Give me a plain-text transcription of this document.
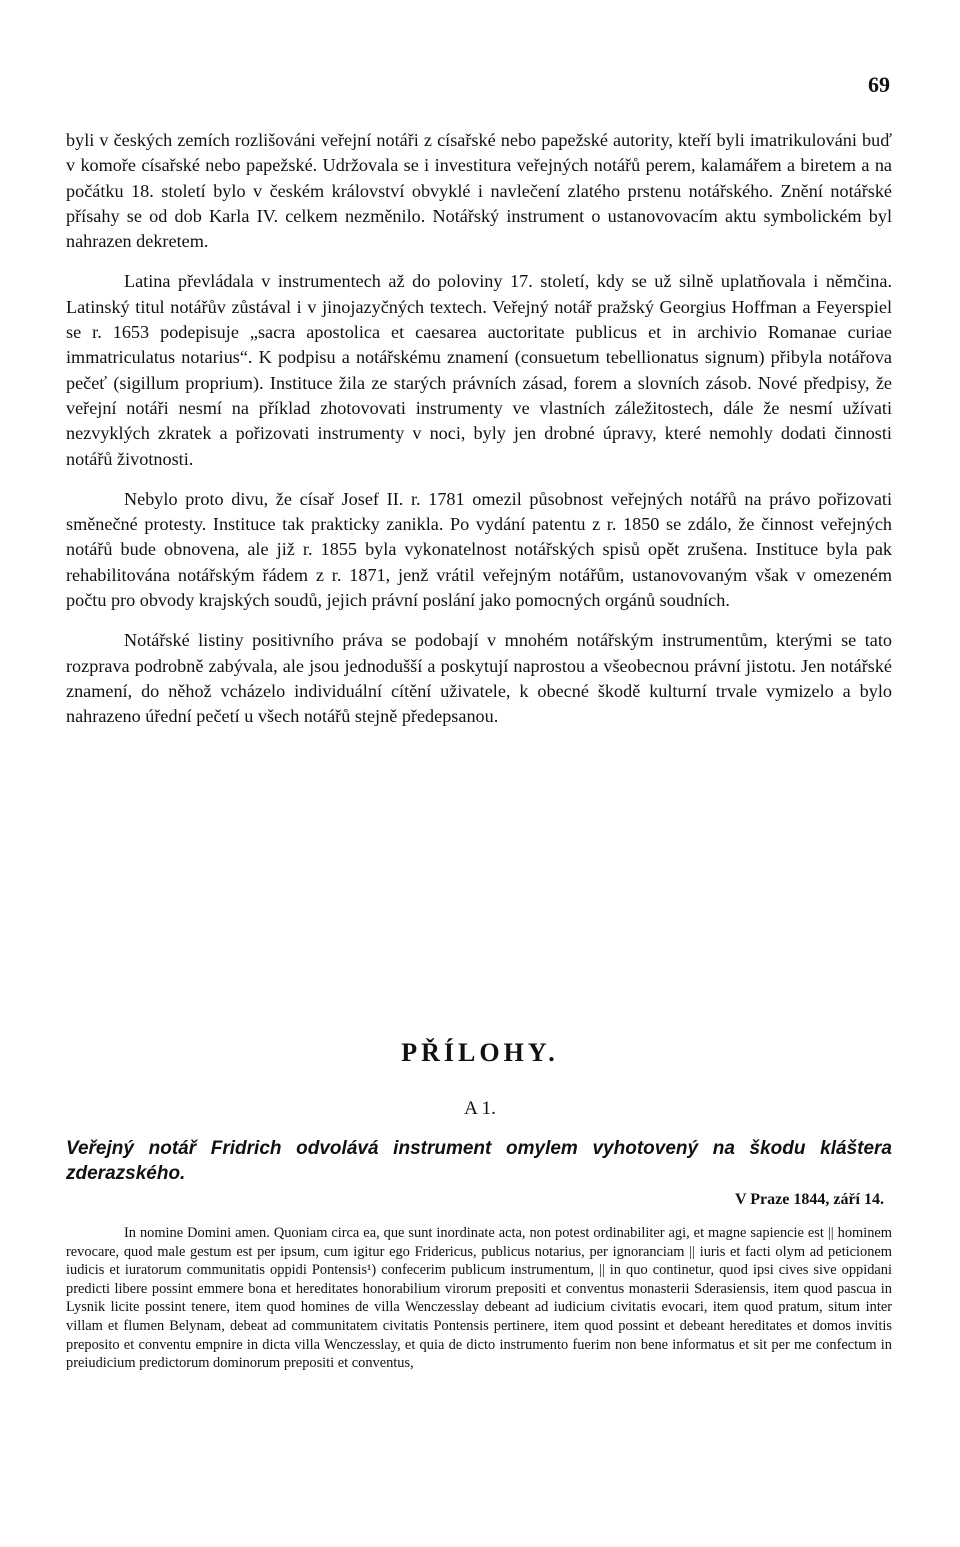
69

byli v českých zemích rozlišováni veřejní notáři z císařské nebo papežské autority, kteří byli imatrikulováni buď v komoře císařské nebo papežské. Udržovala se i investitura veřejných notářů perem, kalamářem a biretem a na počátku 18. století bylo v českém království obvyklé i navlečení zlatého prstenu notářského. Znění notářské přísahy se od dob Karla IV. celkem nezměnilo. Notářský instrument o ustanovovacím aktu symbolickém byl nahrazen dekretem.

Latina převládala v instrumentech až do poloviny 17. století, kdy se už silně uplatňovala i němčina. Latinský titul notářův zůstával i v jinojazyčných textech. Veřejný notář pražský Georgius Hoffman a Feyerspiel se r. 1653 podepisuje „sacra apostolica et caesarea auctoritate publicus et in archivio Romanae curiae immatriculatus notarius“. K podpisu a notářskému znamení (consuetum tebellionatus signum) přibyla notářova pečeť (sigillum proprium). Instituce žila ze starých právních zásad, forem a slovních zásob. Nové předpisy, že veřejní notáři nesmí na příklad zhotovovati instrumenty ve vlastních záležitostech, dále že nesmí užívati nezvyklých zkratek a pořizovati instrumenty v noci, byly jen drobné úpravy, které nemohly dodati činnosti notářů životnosti.

Nebylo proto divu, že císař Josef II. r. 1781 omezil působnost veřejných notářů na právo pořizovati směnečné protesty. Instituce tak prakticky zanikla. Po vydání patentu z r. 1850 se zdálo, že činnost veřejných notářů bude obnovena, ale již r. 1855 byla vykonatelnost notářských spisů opět zrušena. Instituce byla pak rehabilitována notářským řádem z r. 1871, jenž vrátil veřejným notářům, ustanovovaným však v omezeném počtu pro obvody krajských soudů, jejich právní poslání jako pomocných orgánů soudních.

Notářské listiny positivního práva se podobají v mnohém notářským instrumentům, kterými se tato rozprava podrobně zabývala, ale jsou jednodušší a poskytují naprostou a všeobecnou právní jistotu. Jen notářské znamení, do něhož vcházelo individuální cítění uživatele, k obecné škodě kulturní trvale vymizelo a bylo nahrazeno úřední pečetí u všech notářů stejně předepsanou.

PŘÍLOHY.
A 1.
Veřejný notář Fridrich odvolává instrument omylem vyhotovený na škodu kláštera zderazského.
V Praze 1844, září 14.

In nomine Domini amen. Quoniam circa ea, que sunt inordinate acta, non potest ordinabiliter agi, et magne sapiencie est || hominem revocare, quod male gestum est per ipsum, cum igitur ego Fridericus, publicus notarius, per ignoranciam || iuris et facti olym ad peticionem iudicis et iuratorum communitatis oppidi Pontensis¹) confecerim publicum instrumentum, || in quo continetur, quod ipsi cives sive oppidani predicti libere possint emmere bona et hereditates honorabilium virorum prepositi et conventus monasterii Sderasiensis, item quod pascua in Lysnik licite possint tenere, item quod homines de villa Wenczesslay debeant ad iudicium civitatis evocari, item quod pratum, situm inter villam et flumen Belynam, debeat ad communitatem civitatis Pontensis pertinere, item quod possint et debeant hereditates et domos invitis preposito et conventu empnire in dicta villa Wenczesslay, et quia de dicto instrumento fuerim non bene informatus et sit per me confectum in preiudicium predictorum dominorum prepositi et conventus,
